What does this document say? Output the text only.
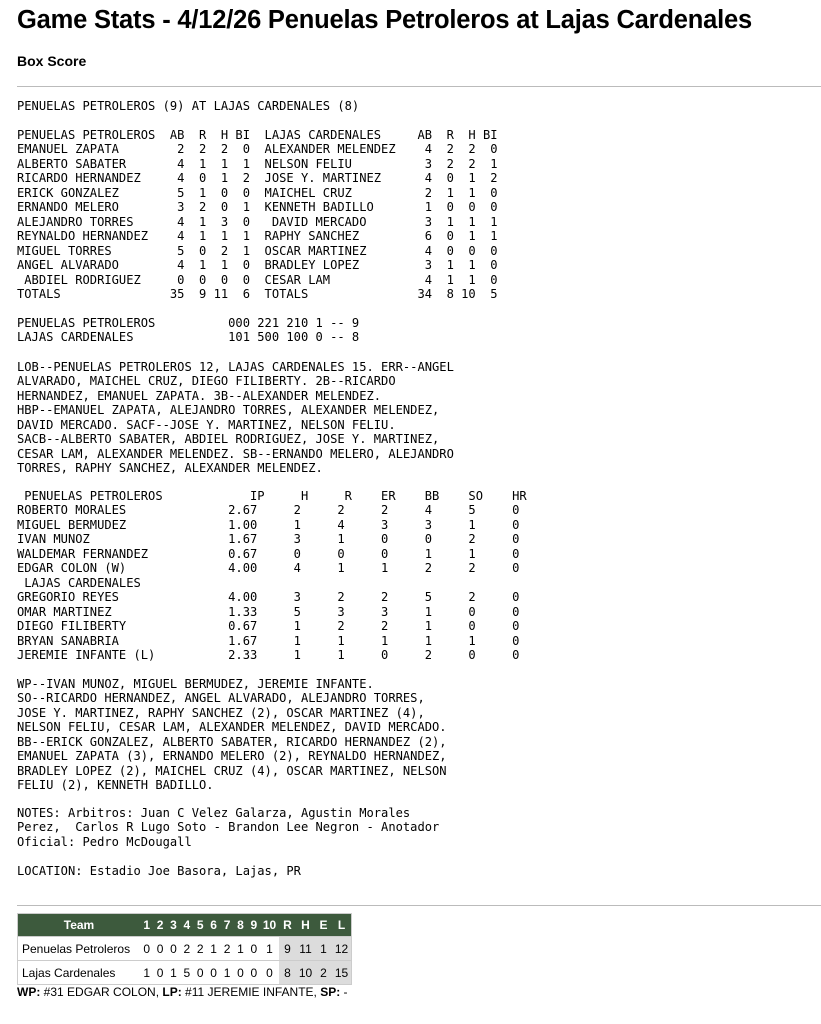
Game Stats - 4/12/26 Penuelas Petroleros at Lajas Cardenales
Box Score
PENUELAS PETROLEROS (9) AT LAJAS CARDENALES (8)
PENUELAS PETROLEROS  AB  R  H BI  LAJAS CARDENALES     AB  R  H BI
EMANUEL ZAPATA        2  2  2  0  ALEXANDER MELENDEZ    4  2  2  0
ALBERTO SABATER       4  1  1  1  NELSON FELIU          3  2  2  1
RICARDO HERNANDEZ     4  0  1  2  JOSE Y. MARTINEZ      4  0  1  2
ERICK GONZALEZ        5  1  0  0  MAICHEL CRUZ          2  1  1  0
ERNANDO MELERO        3  2  0  1  KENNETH BADILLO       1  0  0  0
ALEJANDRO TORRES      4  1  3  0   DAVID MERCADO        3  1  1  1
REYNALDO HERNANDEZ    4  1  1  1  RAPHY SANCHEZ         6  0  1  1
MIGUEL TORRES         5  0  2  1  OSCAR MARTINEZ        4  0  0  0
ANGEL ALVARADO        4  1  1  0  BRADLEY LOPEZ         3  1  1  0
ABDIEL RODRIGUEZ     0  0  0  0  CESAR LAM             4  1  1  0
TOTALS               35  9 11  6  TOTALS               34  8 10  5
PENUELAS PETROLEROS          000 221 210 1 -- 9
LAJAS CARDENALES             101 500 100 0 -- 8
LOB--PENUELAS PETROLEROS 12, LAJAS CARDENALES 15. ERR--ANGEL
ALVARADO, MAICHEL CRUZ, DIEGO FILIBERTY. 2B--RICARDO
HERNANDEZ, EMANUEL ZAPATA. 3B--ALEXANDER MELENDEZ.
HBP--EMANUEL ZAPATA, ALEJANDRO TORRES, ALEXANDER MELENDEZ,
DAVID MERCADO. SACF--JOSE Y. MARTINEZ, NELSON FELIU.
SACB--ALBERTO SABATER, ABDIEL RODRIGUEZ, JOSE Y. MARTINEZ,
CESAR LAM, ALEXANDER MELENDEZ. SB--ERNANDO MELERO, ALEJANDRO
TORRES, RAPHY SANCHEZ, ALEXANDER MELENDEZ.
PENUELAS PETROLEROS            IP     H     R    ER    BB    SO    HR
ROBERTO MORALES              2.67     2     2     2     4     5     0
MIGUEL BERMUDEZ              1.00     1     4     3     3     1     0
IVAN MUNOZ                   1.67     3     1     0     0     2     0
WALDEMAR FERNANDEZ           0.67     0     0     0     1     1     0
EDGAR COLON (W)              4.00     4     1     1     2     2     0
LAJAS CARDENALES
GREGORIO REYES               4.00     3     2     2     5     2     0
OMAR MARTINEZ                1.33     5     3     3     1     0     0
DIEGO FILIBERTY              0.67     1     2     2     1     0     0
BRYAN SANABRIA               1.67     1     1     1     1     1     0
JEREMIE INFANTE (L)          2.33     1     1     0     2     0     0
WP--IVAN MUNOZ, MIGUEL BERMUDEZ, JEREMIE INFANTE.
SO--RICARDO HERNANDEZ, ANGEL ALVARADO, ALEJANDRO TORRES,
JOSE Y. MARTINEZ, RAPHY SANCHEZ (2), OSCAR MARTINEZ (4),
NELSON FELIU, CESAR LAM, ALEXANDER MELENDEZ, DAVID MERCADO.
BB--ERICK GONZALEZ, ALBERTO SABATER, RICARDO HERNANDEZ (2),
EMANUEL ZAPATA (3), ERNANDO MELERO (2), REYNALDO HERNANDEZ,
BRADLEY LOPEZ (2), MAICHEL CRUZ (4), OSCAR MARTINEZ, NELSON
FELIU (2), KENNETH BADILLO.
NOTES: Arbitros: Juan C Velez Galarza, Agustin Morales
Perez,  Carlos R Lugo Soto - Brandon Lee Negron - Anotador
Oficial: Pedro McDougall
LOCATION: Estadio Joe Basora, Lajas, PR
Team	1	2	3	4	5	6	7	8	9	10	R	H	E	L
Penuelas Petroleros	0	0	0	2	2	1	2	1	0	1	9	11	1	12
Lajas Cardenales	1	0	1	5	0	0	1	0	0	0	8	10	2	15
WP: #31 EDGAR COLON, LP: #11 JEREMIE INFANTE, SP: -
